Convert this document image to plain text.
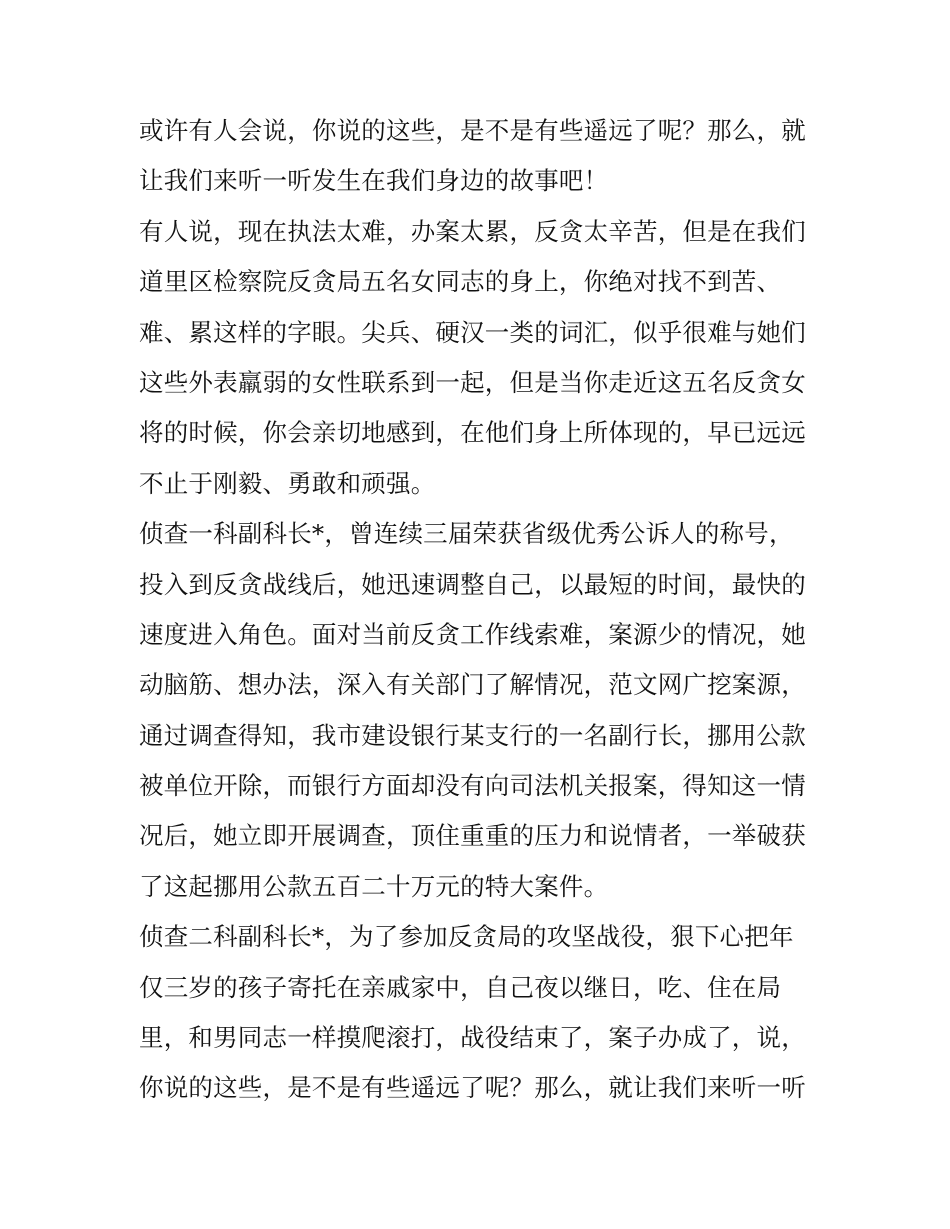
或许有人会说，你说的这些，是不是有些遥远了呢？那么，就
让我们来听一听发生在我们身边的故事吧！
有人说，现在执法太难，办案太累，反贪太辛苦，但是在我们
道里区检察院反贪局五名女同志的身上，你绝对找不到苦、
难、累这样的字眼。尖兵、硬汉一类的词汇，似乎很难与她们
这些外表羸弱的女性联系到一起，但是当你走近这五名反贪女
将的时候，你会亲切地感到，在他们身上所体现的，早已远远
不止于刚毅、勇敢和顽强。
侦查一科副科长*，曾连续三届荣获省级优秀公诉人的称号，
投入到反贪战线后，她迅速调整自己，以最短的时间，最快的
速度进入角色。面对当前反贪工作线索难，案源少的情况，她
动脑筋、想办法，深入有关部门了解情况，范文网广挖案源，
通过调查得知，我市建设银行某支行的一名副行长，挪用公款
被单位开除，而银行方面却没有向司法机关报案，得知这一情
况后，她立即开展调查，顶住重重的压力和说情者，一举破获
了这起挪用公款五百二十万元的特大案件。
侦查二科副科长*，为了参加反贪局的攻坚战役，狠下心把年
仅三岁的孩子寄托在亲戚家中，自己夜以继日，吃、住在局
里，和男同志一样摸爬滚打，战役结束了，案子办成了，说，
你说的这些，是不是有些遥远了呢？那么，就让我们来听一听
